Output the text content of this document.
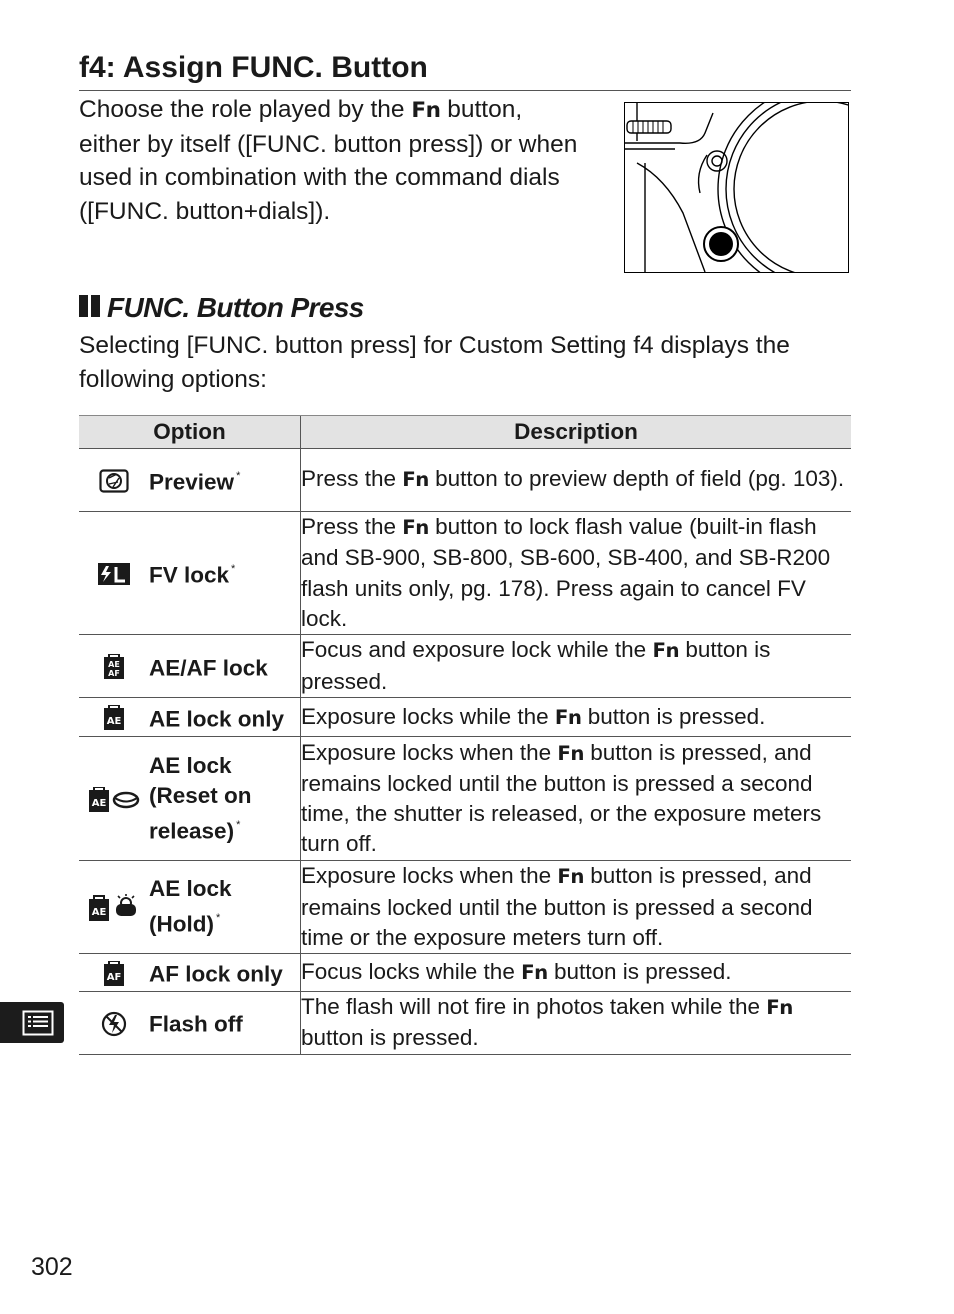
f4: Assign FUNC. Button
Choose the role played by the Fn button, either by itself ([FUNC. button press]) or when used in combination with the command dials ([FUNC. button+dials]).
FUNC. Button Press
Selecting [FUNC. button press] for Custom Setting f4 displays the following options:
Option		Description
	Preview *	Press the Fn button to preview depth of field (pg. 103).
	FV lock *	Press the Fn button to lock flash value (built-in flash and SB-900, SB-800, SB-600, SB-400, and SB-R200 flash units only, pg. 178). Press again to cancel FV lock.

AE
AF	AE/AF lock	Focus and exposure lock while the Fn button is pressed.

AE	AE lock only	Exposure locks while the Fn button is pressed.

AE	AE lock (Reset on release) *	Exposure locks when the Fn button is pressed, and remains locked until the button is pressed a second time, the shutter is released, or the exposure meters turn off.

AE	AE lock (Hold) *	Exposure locks when the Fn button is pressed, and remains locked until the button is pressed a second time or the exposure meters turn off.

AF	AF lock only	Focus locks while the Fn button is pressed.
	Flash off	The flash will not fire in photos taken while the Fn button is pressed.
302
